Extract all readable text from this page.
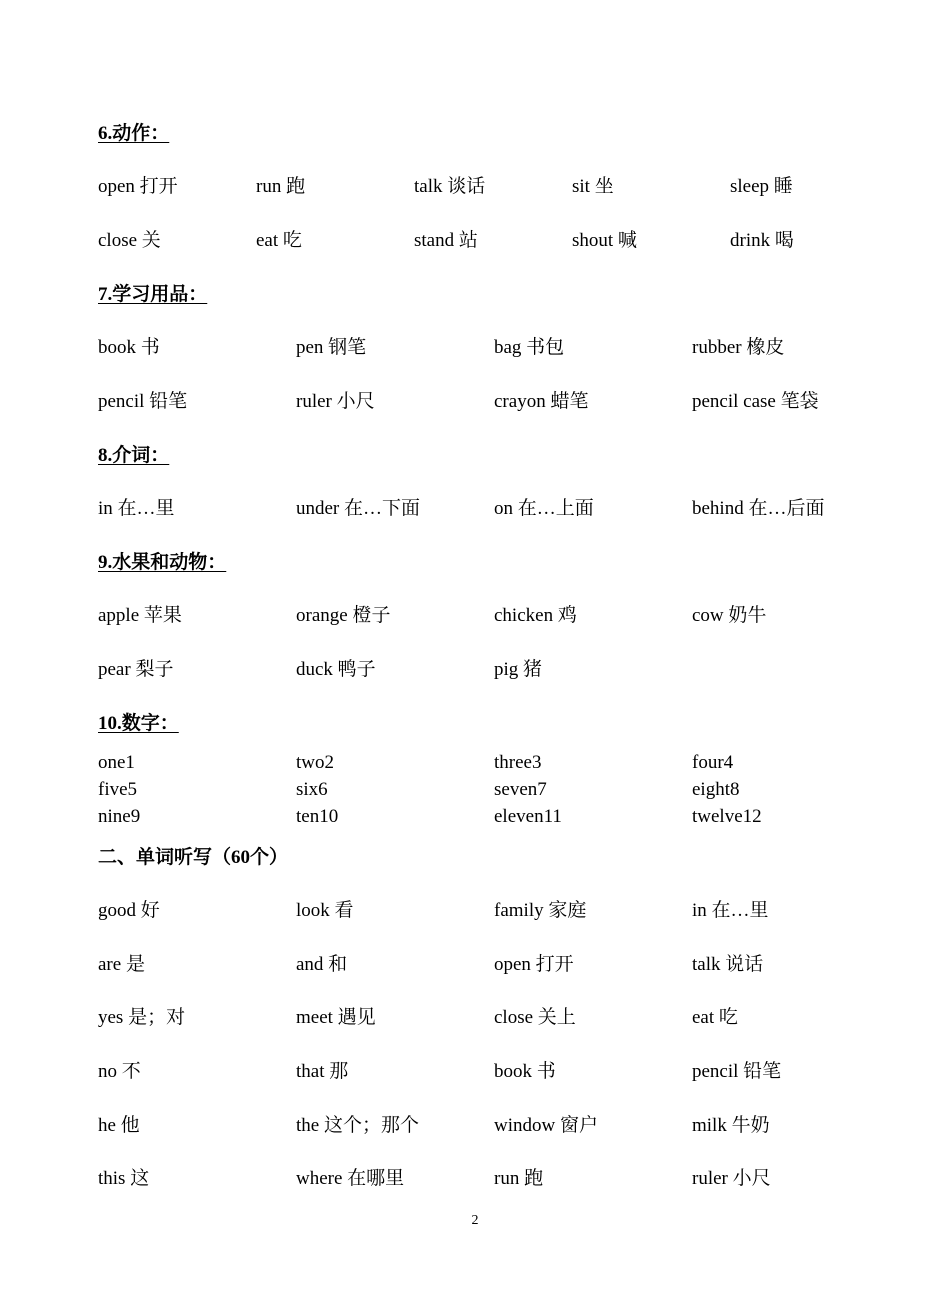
6.动作：
open 打开	run 跑	talk 谈话	sit 坐	sleep 睡
close 关	eat 吃	stand 站	shout 喊	drink 喝
7.学习用品：
book 书	pen 钢笔	bag 书包	rubber 橡皮
pencil 铅笔	ruler 小尺	crayon 蜡笔	pencil case 笔袋
8.介词：
in 在…里	under 在…下面	on 在…上面	behind 在…后面
9.水果和动物：
apple 苹果	orange 橙子	chicken 鸡	cow 奶牛
pear 梨子	duck 鸭子	pig 猪
10.数字：
one1	two2	three3	four4
five5	six6	seven7	eight8
nine9	ten10	eleven11	twelve12
二、单词听写（60个）
good 好	look 看	family 家庭	in 在…里
are 是	and 和	open 打开	talk 说话
yes 是；对	meet 遇见	close 关上	eat 吃
no 不	that 那	book 书	pencil 铅笔
he 他	the 这个；那个	window 窗户	milk 牛奶
this 这	where 在哪里	run 跑	ruler 小尺
2
